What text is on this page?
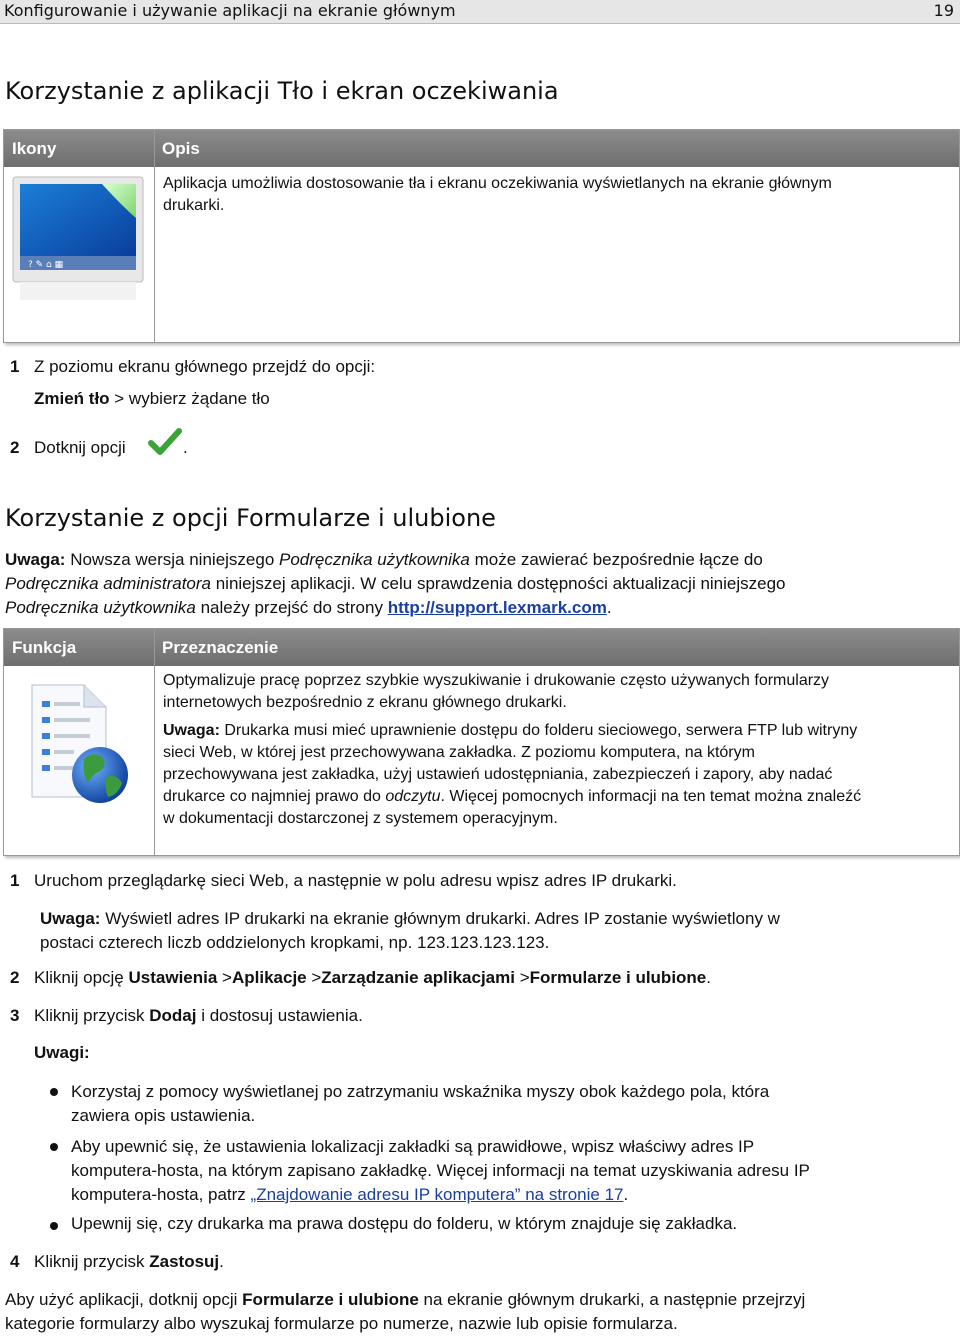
Konfigurowanie i używanie aplikacji na ekranie głównym	19
Korzystanie z aplikacji Tło i ekran oczekiwania
Ikony	Opis
? ✎ ⌂ ▦
Aplikacja umożliwia dostosowanie tła i ekranu oczekiwania wyświetlanych na ekranie głównym
drukarki.
1 Z poziomu ekranu głównego przejdź do opcji:
Zmień tło > wybierz żądane tło
2 Dotknij opcji	.
Korzystanie z opcji Formularze i ulubione
Uwaga: Nowsza wersja niniejszego Podręcznika użytkownika może zawierać bezpośrednie łącze do
Podręcznika administratora niniejszej aplikacji. W celu sprawdzenia dostępności aktualizacji niniejszego
Podręcznika użytkownika należy przejść do strony http://support.lexmark.com.
Funkcja	Przeznaczenie
Optymalizuje pracę poprzez szybkie wyszukiwanie i drukowanie często używanych formularzy
internetowych bezpośrednio z ekranu głównego drukarki.
Uwaga: Drukarka musi mieć uprawnienie dostępu do folderu sieciowego, serwera FTP lub witryny
sieci Web, w której jest przechowywana zakładka. Z poziomu komputera, na którym
przechowywana jest zakładka, użyj ustawień udostępniania, zabezpieczeń i zapory, aby nadać
drukarce co najmniej prawo do odczytu. Więcej pomocnych informacji na ten temat można znaleźć
w dokumentacji dostarczonej z systemem operacyjnym.
1 Uruchom przeglądarkę sieci Web, a następnie w polu adresu wpisz adres IP drukarki.
Uwaga: Wyświetl adres IP drukarki na ekranie głównym drukarki. Adres IP zostanie wyświetlony w
postaci czterech liczb oddzielonych kropkami, np. 123.123.123.123.
2 Kliknij opcję Ustawienia >Aplikacje >Zarządzanie aplikacjami >Formularze i ulubione.
3 Kliknij przycisk Dodaj i dostosuj ustawienia.
Uwagi:
Korzystaj z pomocy wyświetlanej po zatrzymaniu wskaźnika myszy obok każdego pola, która
zawiera opis ustawienia.
Aby upewnić się, że ustawienia lokalizacji zakładki są prawidłowe, wpisz właściwy adres IP
komputera-hosta, na którym zapisano zakładkę. Więcej informacji na temat uzyskiwania adresu IP
komputera-hosta, patrz „Znajdowanie adresu IP komputera” na stronie 17.
Upewnij się, czy drukarka ma prawa dostępu do folderu, w którym znajduje się zakładka.
4 Kliknij przycisk Zastosuj.
Aby użyć aplikacji, dotknij opcji Formularze i ulubione na ekranie głównym drukarki, a następnie przejrzyj
kategorie formularzy albo wyszukaj formularze po numerze, nazwie lub opisie formularza.
